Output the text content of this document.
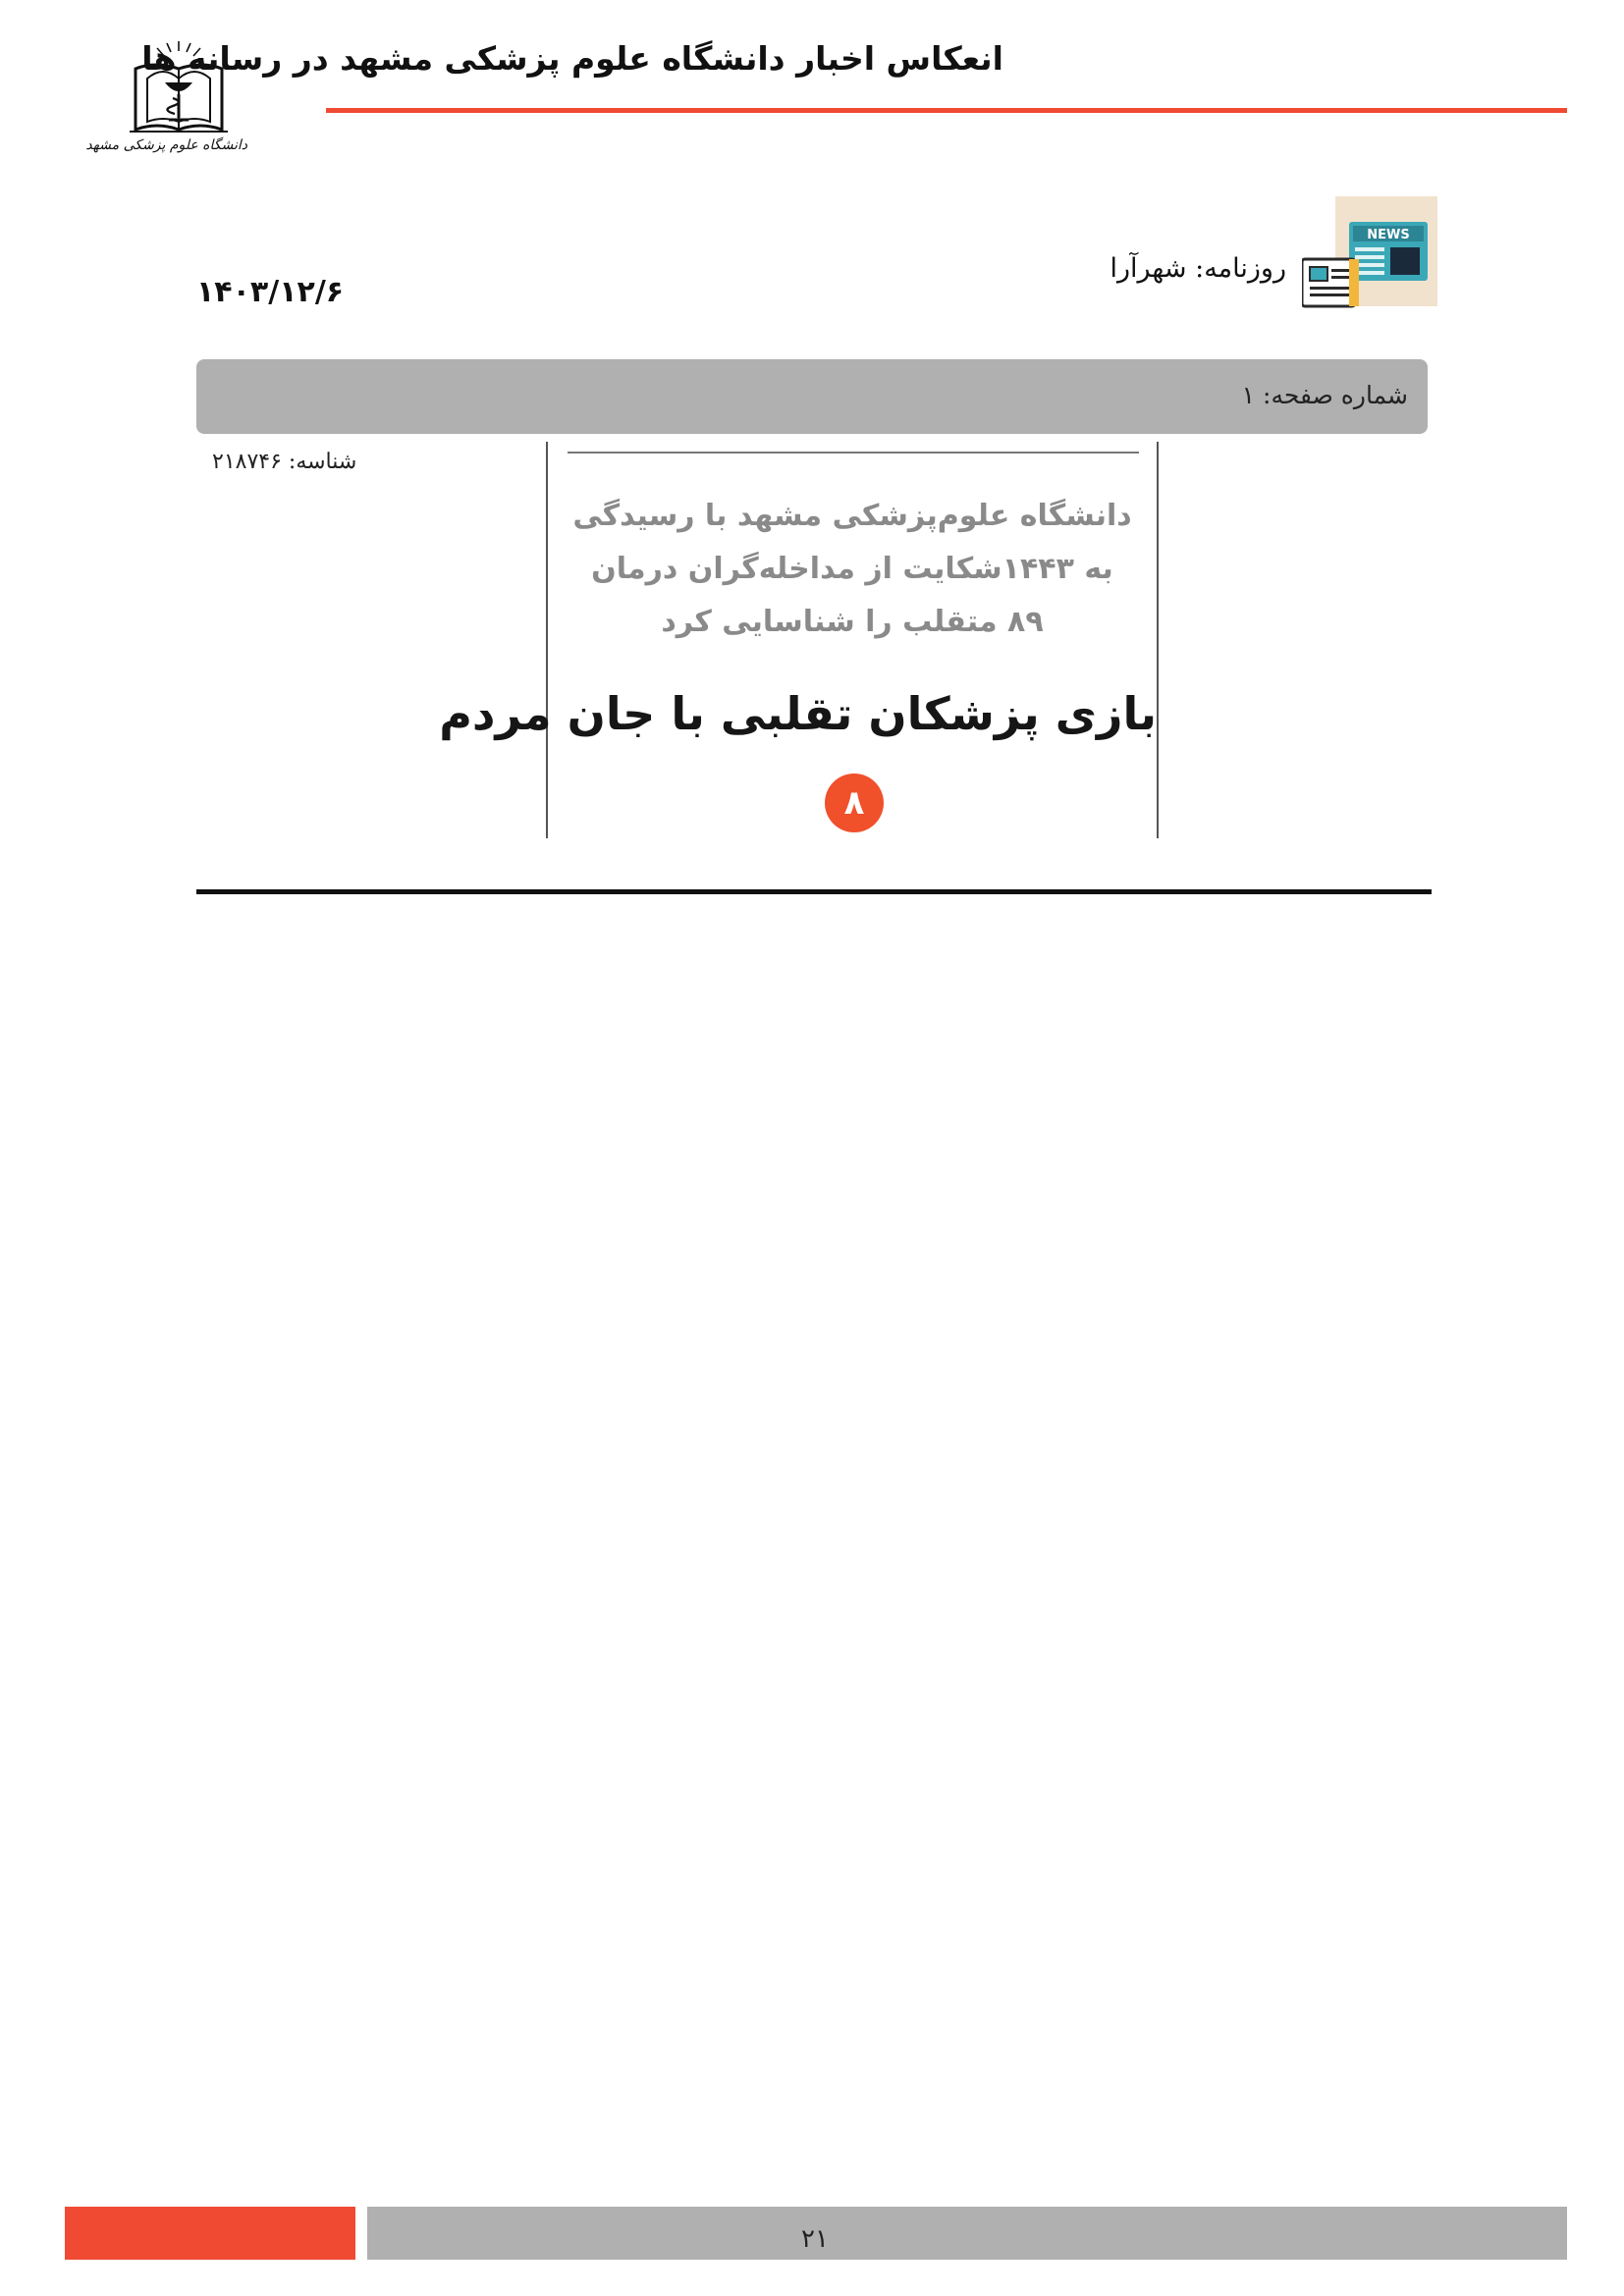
انعکاس اخبار دانشگاه علوم پزشکی مشهد در رسانه ها
دانشگاه علوم پزشکی مشهد
NEWS
روزنامه: شهرآرا
۱۴۰۳/۱۲/۶
شماره صفحه: ۱
شناسه: ۲۱۸۷۴۶
دانشگاه علوم‌پزشکی مشهد با رسیدگی
به ۱۴۴۳شکایت از مداخله‌گران درمان
۸۹ متقلب را شناسایی کرد
بازی پزشکان تقلبی با جان مردم
۸
۲۱
